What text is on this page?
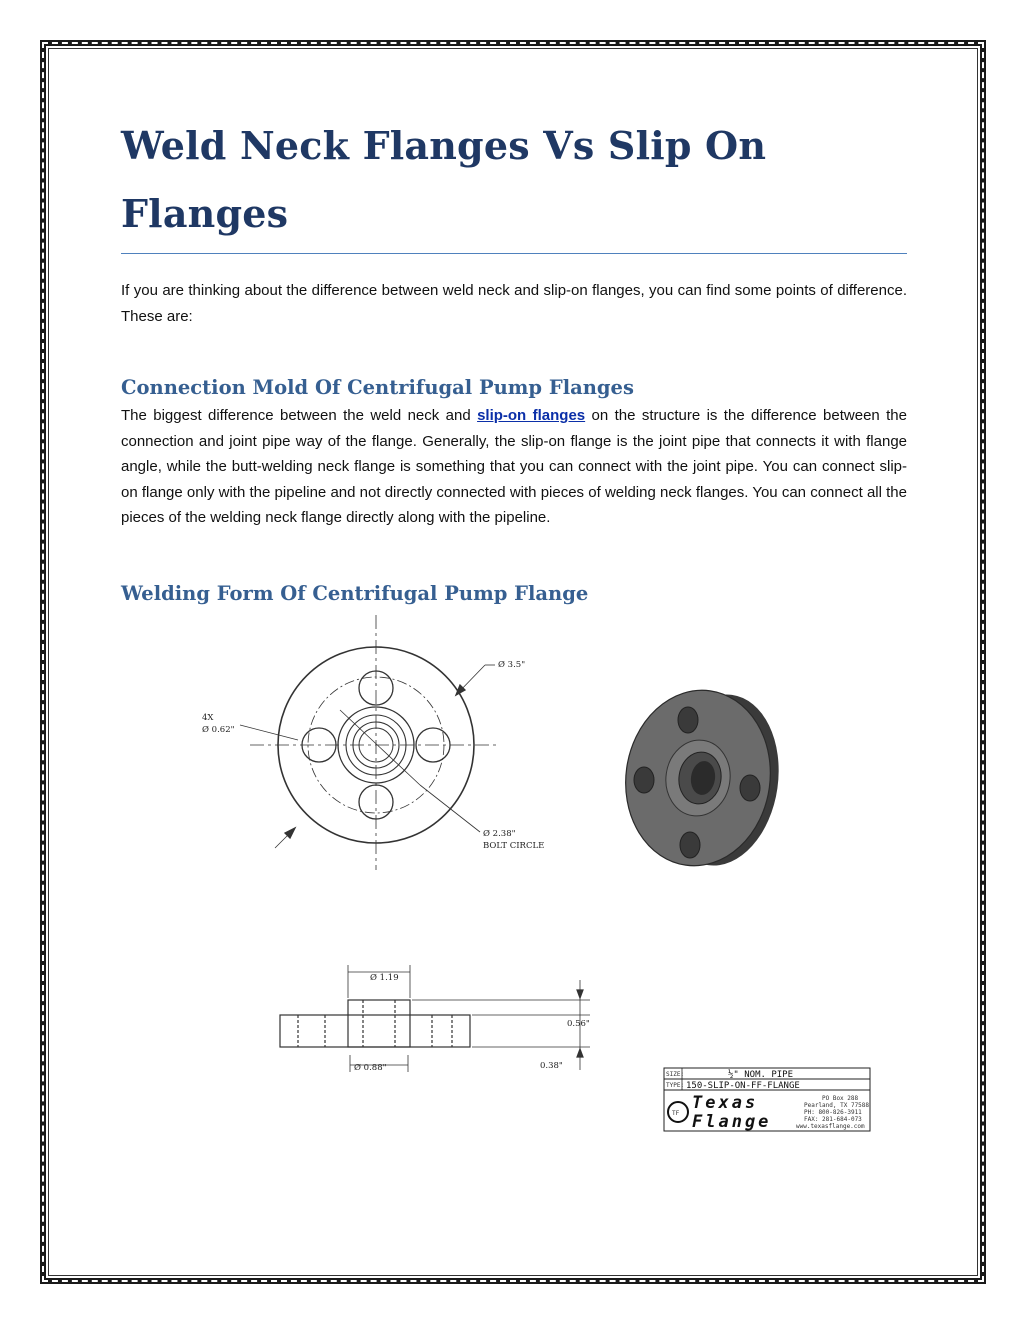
Weld Neck Flanges Vs Slip On Flanges

If you are thinking about the difference between weld neck and slip-on flanges, you can find some points of difference. These are:

Connection Mold Of Centrifugal Pump Flanges

The biggest difference between the weld neck and slip-on flanges on the structure is the difference between the connection and joint pipe way of the flange. Generally, the slip-on flange is the joint pipe that connects it with flange angle, while the butt-welding neck flange is something that you can connect with the joint pipe. You can connect slip-on flange only with the pipeline and not directly connected with pieces of welding neck flanges. You can connect all the pieces of the welding neck flange directly along with the pipeline.

Welding Form Of Centrifugal Pump Flange
Ø 3.5"
4X
Ø 0.62"
Ø 2.38"
BOLT CIRCLE
Ø 1.19
Ø 0.88"
0.56"
0.38"
SIZE:	½" NOM. PIPE
TYPE: 150-SLIP-ON-FF-FLANGE
TF
Texas
Flange
PO Box 288
Pearland, TX 77588
PH: 800-826-3911
FAX: 281-684-073
www.texasflange.com
